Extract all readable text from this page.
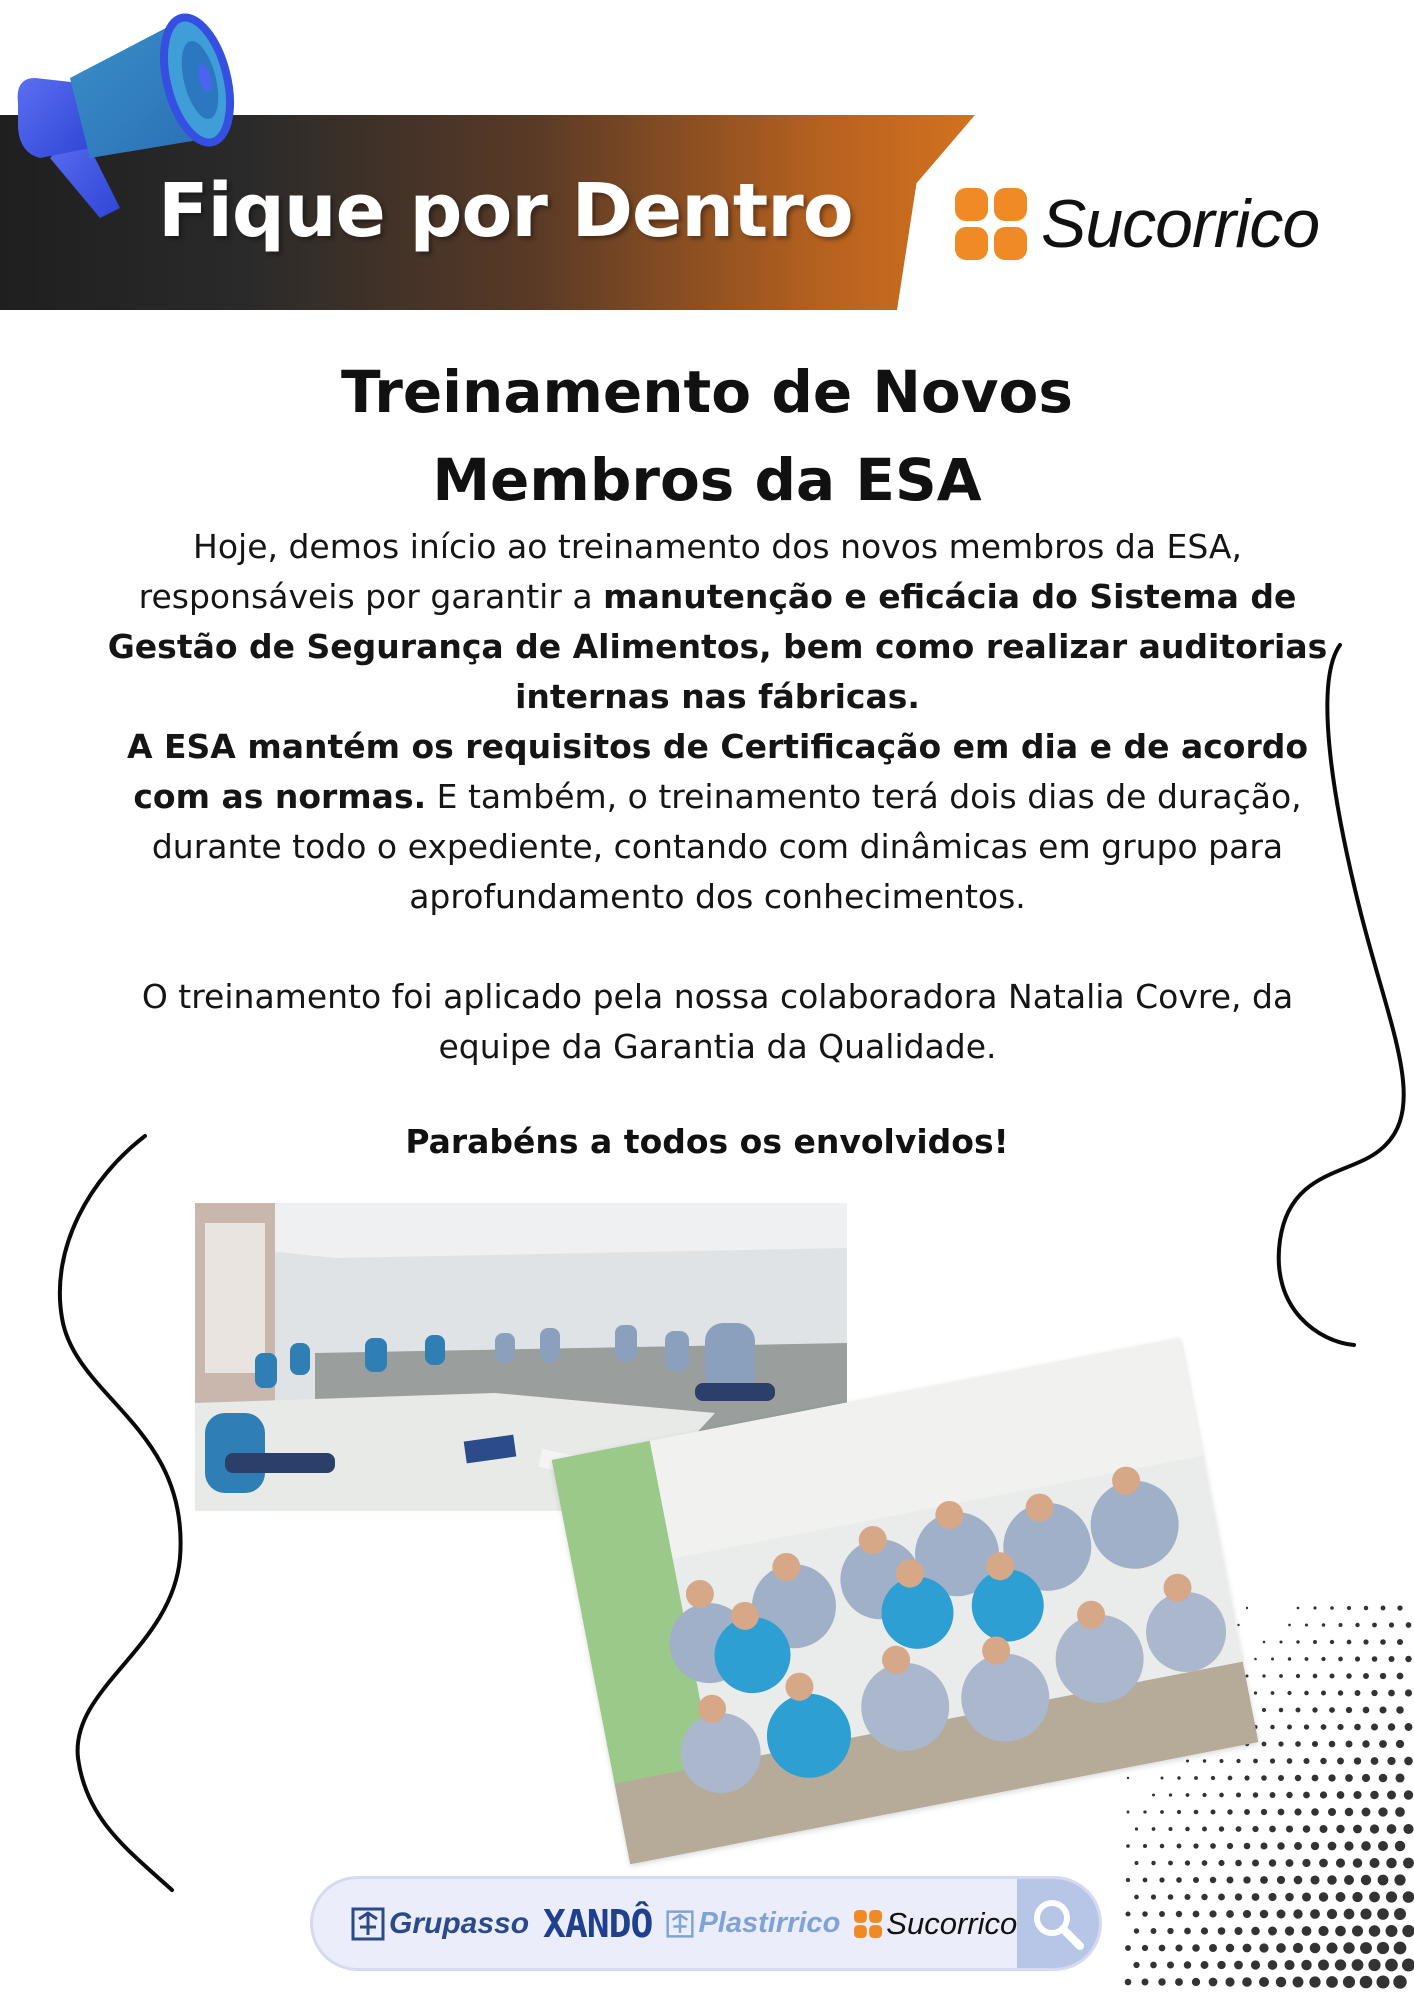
Fique por Dentro	Sucorrico
Treinamento de Novos
Membros da ESA

Hoje, demos início ao treinamento dos novos membros da ESA, responsáveis por garantir a manutenção e eficácia do Sistema de Gestão de Segurança de Alimentos, bem como realizar auditorias internas nas fábricas.

A ESA mantém os requisitos de Certificação em dia e de acordo com as normas. E também, o treinamento terá dois dias de duração, durante todo o expediente, contando com dinâmicas em grupo para aprofundamento dos conhecimentos.

O treinamento foi aplicado pela nossa colaboradora Natalia Covre, da equipe da Garantia da Qualidade.

Parabéns a todos os envolvidos!
Grupasso XANDÔ Plastirrico Sucorrico
